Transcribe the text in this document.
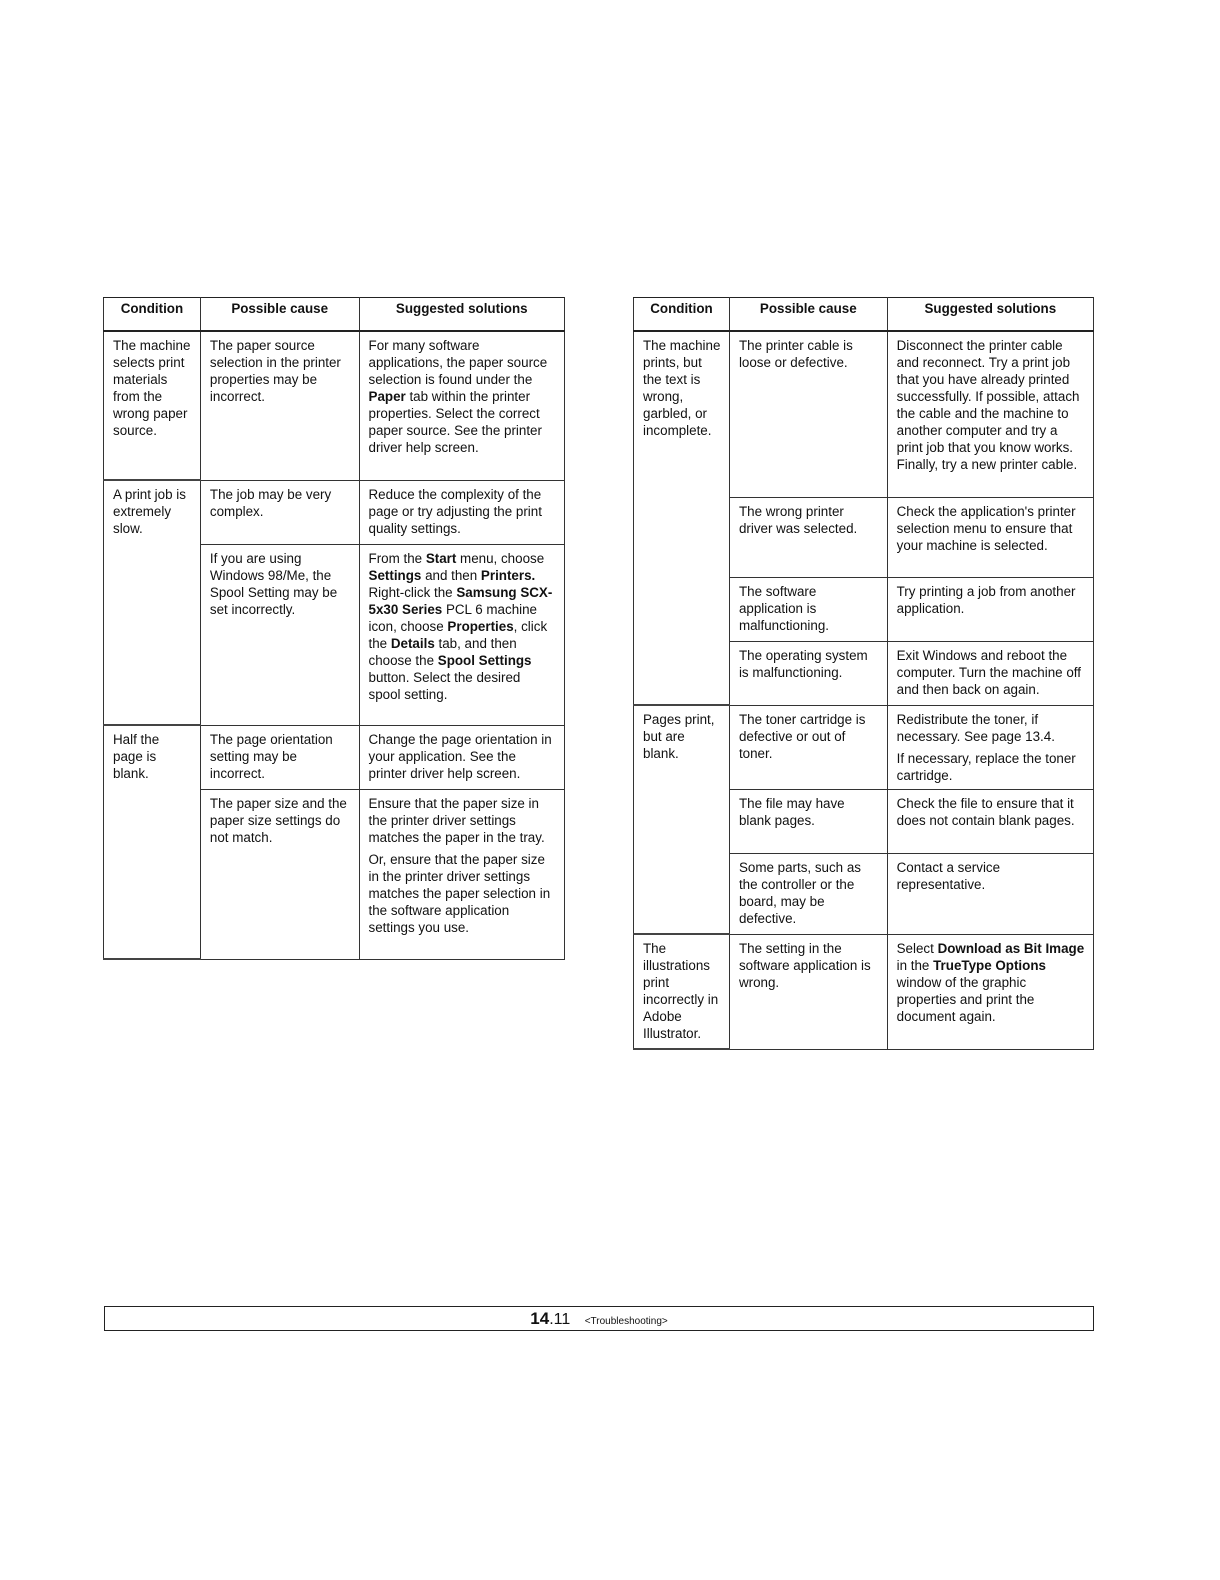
Condition	Possible cause	Suggested solutions
The machine selects print materials from the wrong paper source.	The paper source selection in the printer properties may be incorrect.	For many software applications, the paper source selection is found under the Paper tab within the printer properties. Select the correct paper source. See the printer driver help screen.

A print job is extremely slow.	The job may be very complex.	Reduce the complexity of the page or try adjusting the print quality settings.

	If you are using Windows 98/Me, the Spool Setting may be set incorrectly.	From the Start menu, choose Settings and then Printers. Right-click the Samsung SCX-5x30 Series PCL 6 machine icon, choose Properties, click the Details tab, and then choose the Spool Settings button. Select the desired spool setting.

Half the page is blank.	The page orientation setting may be incorrect.	Change the page orientation in your application. See the printer driver help screen.

	The paper size and the paper size settings do not match.	Ensure that the paper size in the printer driver settings matches the paper in the tray.

Or, ensure that the paper size in the printer driver settings matches the paper selection in the software application settings you use.

Condition	Possible cause	Suggested solutions
The machine prints, but the text is wrong, garbled, or incomplete.	The printer cable is loose or defective.	Disconnect the printer cable and reconnect. Try a print job that you have already printed successfully. If possible, attach the cable and the machine to another computer and try a print job that you know works. Finally, try a new printer cable.

	The wrong printer driver was selected.	Check the application's printer selection menu to ensure that your machine is selected.

	The software application is malfunctioning.	Try printing a job from another application.

	The operating system is malfunctioning.	Exit Windows and reboot the computer. Turn the machine off and then back on again.

Pages print, but are blank.	The toner cartridge is defective or out of toner.	Redistribute the toner, if necessary. See page 13.4.

If necessary, replace the toner cartridge.

	The file may have blank pages.	Check the file to ensure that it does not contain blank pages.

	Some parts, such as the controller or the board, may be defective.	Contact a service representative.

The illustrations print incorrectly in Adobe Illustrator.	The setting in the software application is wrong.	Select Download as Bit Image in the TrueType Options window of the graphic properties and print the document again.

14.11 <Troubleshooting>
